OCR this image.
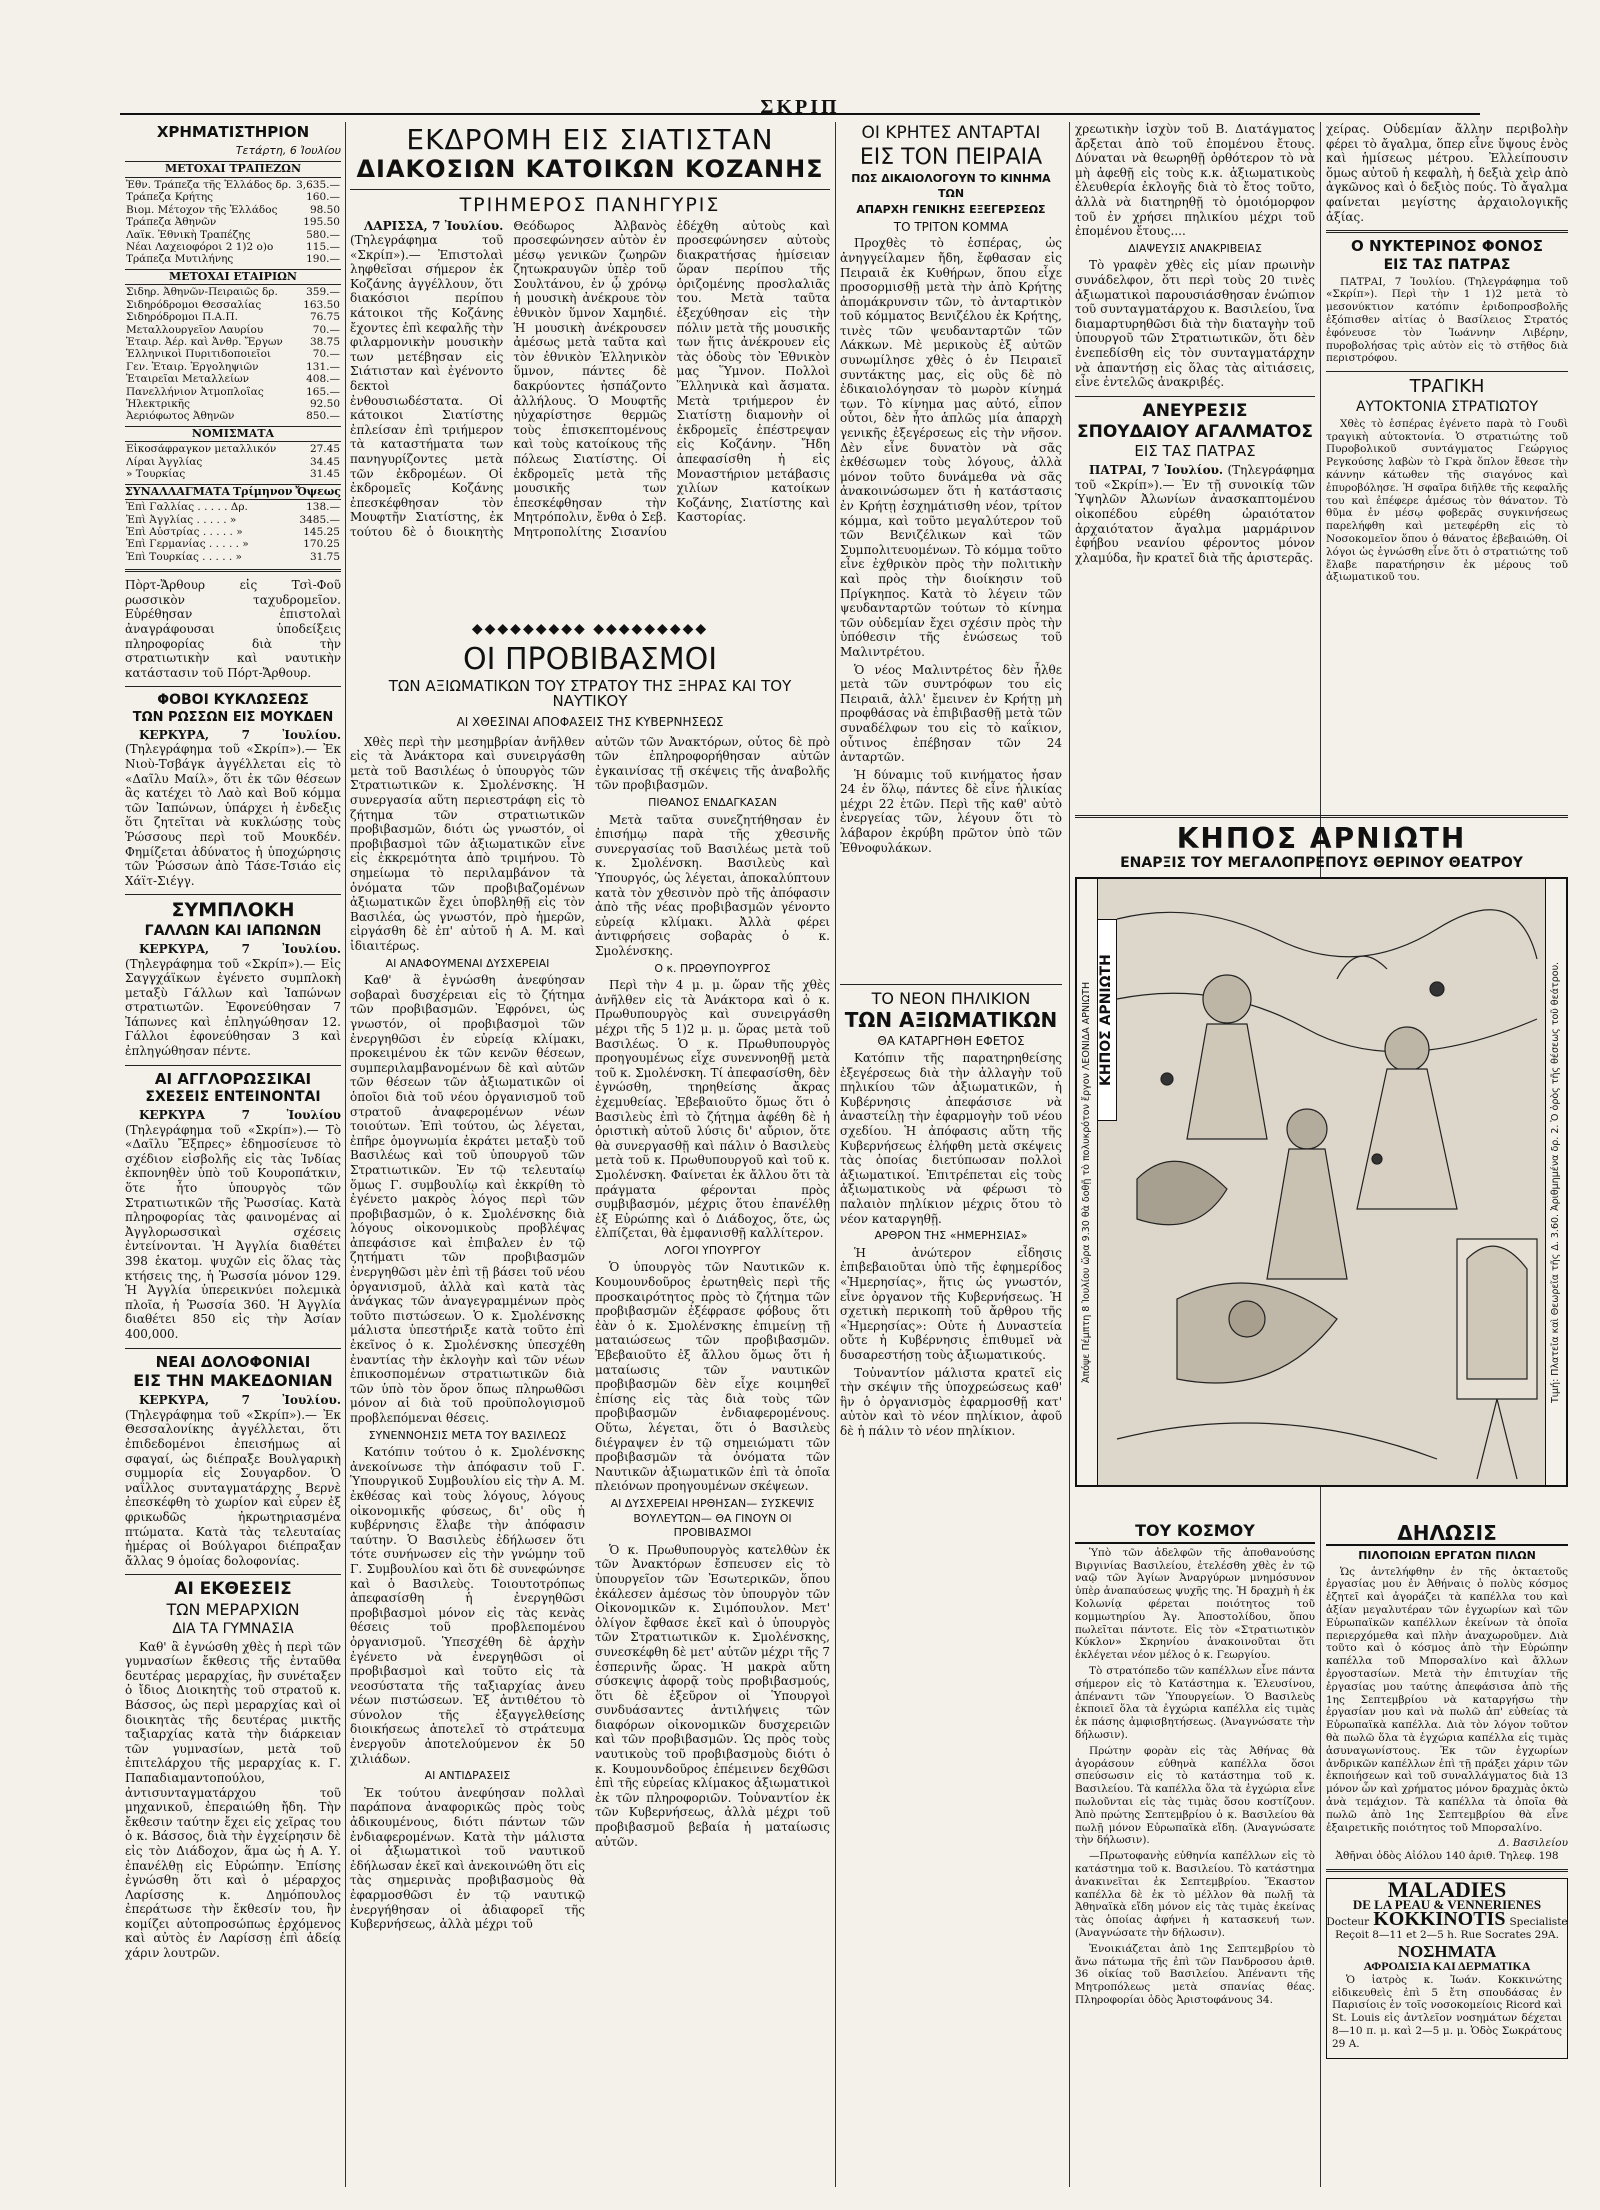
ΣΚΡΙΠ
ΧΡΗΜΑΤΙΣΤΗΡΙΟΝ
Τετάρτη, 6 Ἰουλίου
ΜΕΤΟΧΑΙ ΤΡΑΠΕΖΩΝ
Ἐθν. Τράπεζα τῆς Ἑλλάδος δρ.	3,635.—
Τράπεζα Κρήτης	160.—
Βιομ. Μέτοχον τῆς Ἑλλάδος	98.50
Τράπεζα Ἀθηνῶν	195.50
Λαϊκ. Ἐθνικὴ Τραπέζης	580.—
Νέαι Λαχειοφόροι 2 1)2 ο)ο	115.—
Τράπεζα Μυτιλήνης	190.—
ΜΕΤΟΧΑΙ ΕΤΑΙΡΙΩΝ
Σιδηρ. Ἀθηνῶν-Πειραιῶς δρ.	359.—
Σιδηρόδρομοι Θεσσαλίας	163.50
Σιδηρόδρομοι Π.Α.Π.	76.75
Μεταλλουργεῖον Λαυρίου	70.—
Ἑταιρ. Ἀέρ. καὶ Ἀνθρ. Ἔργων	38.75
Ἑλληνικοὶ Πυριτιδοποιεῖοι	70.—
Γεν. Ἑταιρ. Ἐργοληψιῶν	131.—
Ἑταιρεῖαι Μεταλλείων	408.—
Πανελλήνιον Ἀτμοπλοΐας	165.—
Ἠλεκτρικῆς	92.50
Ἀεριόφωτος Ἀθηνῶν	850.—
ΝΟΜΙΣΜΑΤΑ
Εἰκοσάφραγκον μεταλλικόν	27.45
Λίραι Ἀγγλίας	34.45
» Τουρκίας	31.45
ΣΥΝΑΛΛΑΓΜΑΤΑ Τρίμηνον Ὄψεως
Ἐπὶ Γαλλίας . . . . . Δρ.	138.—
Ἐπὶ Ἀγγλίας . . . . . »	3485.—
Ἐπὶ Αὐστρίας . . . . . »	145.25
Ἐπὶ Γερμανίας . . . . . »	170.25
Ἐπὶ Τουρκίας . . . . . »	31.75
Πὸρτ-Ἄρθουρ εἰς Τσὶ-Φοῦ ρωσσικὸν ταχυδρομεῖον. Εὑρέθησαν ἐπιστολαὶ ἀναγράφουσαι ὑποδείξεις πληροφορίας διὰ τὴν στρατιωτικὴν καὶ ναυτικὴν κατάστασιν τοῦ Πόρτ-Ἄρθουρ.
ΦΟΒΟΙ ΚΥΚΛΩΣΕΩΣ
ΤΩΝ ΡΩΣΣΩΝ ΕΙΣ ΜΟΥΚΔΕΝ
ΚΕΡΚΥΡΑ, 7 Ἰουλίου. (Τηλεγράφημα τοῦ «Σκρίπ»).— Ἐκ Νιοὺ-Τσβάγκ ἀγγέλλεται εἰς τὸ «Δαῖλυ Μαίλ», ὅτι ἐκ τῶν θέσεων ἃς κατέχει τὸ Λαὸ καὶ Βοῦ κόμμα τῶν Ἰαπώνων, ὑπάρχει ἡ ἐνδεξις ὅτι ζητεῖται νὰ κυκλώσῃς τοὺς Ῥώσσους περὶ τοῦ Μουκδέν. Φημίζεται ἀδύνατος ἡ ὑποχώρησις τῶν Ῥώσσων ἀπὸ Τάσε-Τσιάο εἰς Χάϊτ-Σιέγγ.
ΣΥΜΠΛΟΚΗ
ΓΑΛΛΩΝ ΚΑΙ ΙΑΠΩΝΩΝ
ΚΕΡΚΥΡΑ, 7 Ἰουλίου. (Τηλεγράφημα τοῦ «Σκρίπ»).— Εἰς Σαγγχάϊκων ἐγένετο συμπλοκὴ μεταξὺ Γάλλων καὶ Ἰαπώνων στρατιωτῶν. Ἐφονεύθησαν 7 Ἰάπωνες καὶ ἐπληγώθησαν 12. Γάλλοι ἐφονεύθησαν 3 καὶ ἐπληγώθησαν πέντε.
ΑΙ ΑΓΓΛΟΡΩΣΣΙΚΑΙ
ΣΧΕΣΕΙΣ ΕΝΤΕΙΝΟΝΤΑΙ
ΚΕΡΚΥΡΑ 7 Ἰουλίου (Τηλεγράφημα τοῦ «Σκρίπ»).— Τὸ «Δαῖλυ Ἔξπρες» ἐδημοσίευσε τὸ σχέδιον εἰσβολῆς εἰς τὰς Ἰνδίας ἐκπονηθὲν ὑπὸ τοῦ Κουροπάτκιν, ὅτε ἦτο ὑπουργὸς τῶν Στρατιωτικῶν τῆς Ῥωσσίας. Κατὰ πληροφορίας τὰς φαινομένας αἱ Ἀγγλορωσσικαὶ σχέσεις ἐντείνονται. Ἡ Ἀγγλία διαθέτει 398 ἑκατομ. ψυχῶν εἰς ὅλας τὰς κτήσεις της, ἡ Ῥωσσία μόνον 129. Ἡ Ἀγγλία ὑπερεικνύει πολεμικὰ πλοῖα, ἡ Ῥωσσία 360. Ἡ Ἀγγλία διαθέτει 850 εἰς τὴν Ἀσίαν 400,000.
ΝΕΑΙ ΔΟΛΟΦΟΝΙΑΙ
ΕΙΣ ΤΗΝ ΜΑΚΕΔΟΝΙΑΝ
ΚΕΡΚΥΡΑ, 7 Ἰουλίου. (Τηλεγράφημα τοῦ «Σκρίπ»).— Ἐκ Θεσσαλονίκης ἀγγέλλεται, ὅτι ἐπιδεδομένοι ἐπεισήμως αἱ σφαγαί, ὡς διέπραξε Βουλγαρικὴ συμμορία εἰς Σουγαρδον. Ὁ ναΐλλος συνταγματάρχης Βερνὲ ἐπεσκέφθη τὸ χωρίον καὶ εὗρεν ἐξ φρικωδῶς ἠκρωτηριασμένα πτώματα. Κατὰ τὰς τελευταίας ἡμέρας οἱ Βούλγαροι διέπραξαν ἄλλας 9 ὁμοίας δολοφονίας.
ΑΙ ΕΚΘΕΣΕΙΣ
ΤΩΝ ΜΕΡΑΡΧΙΩΝ
ΔΙΑ ΤΑ ΓΥΜΝΑΣΙΑ
Καθ' ἃ ἐγνώσθη χθὲς ἡ περὶ τῶν γυμνασίων ἔκθεσις τῆς ἐνταῦθα δευτέρας μεραρχίας, ἣν συνέταξεν ὁ ἴδιος Διοικητὴς τοῦ στρατοῦ κ. Βάσσος, ὡς περὶ μεραρχίας καὶ οἱ διοικητὰς τῆς δευτέρας μικτῆς ταξιαρχίας κατὰ τὴν διάρκειαν τῶν γυμνασίων, μετὰ τοῦ ἐπιτελάρχου τῆς μεραρχίας κ. Γ. Παπαδιαμαντοπούλου, ἀντισυνταγματάρχου τοῦ μηχανικοῦ, ἐπεραιώθη ἤδη. Τὴν ἔκθεσιν ταύτην ἔχει εἰς χεῖρας του ὁ κ. Βάσσος, διὰ τὴν ἐγχείρησιν δὲ εἰς τὸν Διάδοχον, ἅμα ὡς ἡ Α. Υ. ἐπανέλθῃ εἰς Εὐρώπην. Ἐπίσης ἐγνώσθη ὅτι καὶ ὁ μέραρχος Λαρίσσης κ. Δημόπουλος ἐπεράτωσε τὴν ἔκθεσίν του, ἣν κομίζει αὐτοπροσώπως ἐρχόμενος καὶ αὐτὸς ἐν Λαρίσσῃ ἐπὶ ἀδείᾳ χάριν λουτρῶν.
ΕΚΔΡΟΜΗ ΕΙΣ ΣΙΑΤΙΣΤΑΝ
ΔΙΑΚΟΣΙΩΝ ΚΑΤΟΙΚΩΝ ΚΟΖΑΝΗΣ
ΤΡΙΗΜΕΡΟΣ ΠΑΝΗΓΥΡΙΣ
ΛΑΡΙΣΣΑ, 7 Ἰουλίου. (Τηλεγράφημα τοῦ «Σκρίπ»).— Ἐπιστολαὶ ληφθεῖσαι σήμερον ἐκ Κοζάνης ἀγγέλλουν, ὅτι διακόσιοι περίπου κάτοικοι τῆς Κοζάνης ἔχοντες ἐπὶ κεφαλῆς τὴν φιλαρμονικὴν μουσικὴν των μετέβησαν εἰς Σιάτισταν καὶ ἐγένοντο δεκτοὶ ἐνθουσιωδέστατα. Οἱ κάτοικοι Σιατίστης ἐπλείσαν ἐπὶ τριήμερον τὰ καταστήματα των πανηγυρίζοντες μετὰ τῶν ἐκδρομέων. Οἱ ἐκδρομεῖς Κοζάνης ἐπεσκέφθησαν τὸν Μουφτῆν Σιατίστης, ἐκ τούτου δὲ ὁ διοικητὴς Θεόδωρος Ἀλβανὸς προσεφώνησεν αὐτὸν ἐν μέσῳ γενικῶν ζωηρῶν ζητωκραυγῶν ὑπὲρ τοῦ Σουλτάνου, ἐν ᾧ χρόνῳ ἡ μουσικὴ ἀνέκρουε τὸν ἐθνικὸν ὕμνον Χαμηδιέ. Ἡ μουσικὴ ἀνέκρουσεν ἀμέσως μετὰ ταῦτα καὶ τὸν ἐθνικὸν Ἑλληνικὸν ὕμνον, πάντες δὲ δακρύοντες ἠσπάζοντο ἀλλήλους. Ὁ Μουφτῆς ηὐχαρίστησε θερμῶς τοὺς ἐπισκεπτομένους καὶ τοὺς κατοίκους τῆς πόλεως Σιατίστης. Οἱ ἐκδρομεῖς μετὰ τῆς μουσικῆς των ἐπεσκέφθησαν τὴν Μητρόπολιν, ἔνθα ὁ Σεβ. Μητροπολίτης Σισανίου ἐδέχθη αὐτοὺς καὶ προσεφώνησεν αὐτοὺς διακρατήσας ἡμίσειαν ὥραν περίπου τῆς ὁριζομένης προσλαλιᾶς του. Μετὰ ταῦτα ἐξεχύθησαν εἰς τὴν πόλιν μετὰ τῆς μουσικῆς των ἥτις ἀνέκρουεν εἰς τὰς ὁδοὺς τὸν Ἐθνικὸν μας Ὕμνον. Πολλοὶ Ἕλληνικὰ καὶ ἄσματα. Μετὰ τριήμερον ἐν Σιατίστῃ διαμονὴν οἱ ἐκδρομεῖς ἐπέστρεψαν εἰς Κοζάνην. Ἤδη ἀπεφασίσθη ἡ εἰς Μοναστήριον μετάβασις χιλίων κατοίκων Κοζάνης, Σιατίστης καὶ Καστορίας.
◆◆◆◆◆◆◆◆◆ ◆◆◆◆◆◆◆◆◆
ΟΙ ΠΡΟΒΙΒΑΣΜΟΙ
ΤΩΝ ΑΞΙΩΜΑΤΙΚΩΝ ΤΟΥ ΣΤΡΑΤΟΥ ΤΗΣ ΞΗΡΑΣ ΚΑΙ ΤΟΥ ΝΑΥΤΙΚΟΥ
ΑΙ ΧΘΕΣΙΝΑΙ ΑΠΟΦΑΣΕΙΣ ΤΗΣ ΚΥΒΕΡΝΗΣΕΩΣ
Χθὲς περὶ τὴν μεσημβρίαν ἀνῆλθεν εἰς τὰ Ἀνάκτορα καὶ συνειργάσθη μετὰ τοῦ Βασιλέως ὁ ὑπουργὸς τῶν Στρατιωτικῶν κ. Σμολένσκης. Ἡ συνεργασία αὕτη περιεστράφη εἰς τὸ ζήτημα τῶν στρατιωτικῶν προβιβασμῶν, διότι ὡς γνωστόν, οἱ προβιβασμοὶ τῶν ἀξιωματικῶν εἶνε εἰς ἐκκρεμότητα ἀπὸ τριμήνου. Τὸ σημείωμα τὸ περιλαμβάνον τὰ ὀνόματα τῶν προβιβαζομένων ἀξιωματικῶν ἔχει ὑποβληθῇ εἰς τὸν Βασιλέα, ὡς γνωστόν, πρὸ ἡμερῶν, εἰργάσθη δὲ ἐπ' αὐτοῦ ἡ Α. Μ. καὶ ἰδιαιτέρως.
ΑΙ ΑΝΑΦΟΥΜΕΝΑΙ ΔΥΣΧΕΡΕΙΑΙ
Καθ' ἃ ἐγνώσθη ἀνεφύησαν σοβαραὶ δυσχέρειαι εἰς τὸ ζήτημα τῶν προβιβασμῶν. Ἐφρόνει, ὡς γνωστόν, οἱ προβιβασμοὶ τῶν ἐνεργηθῶσι ἐν εὐρείᾳ κλίμακι, προκειμένου ἐκ τῶν κενῶν θέσεων, συμπεριλαμβανομένων δὲ καὶ αὐτῶν τῶν θέσεων τῶν ἀξιωματικῶν οἱ ὁποῖοι διὰ τοῦ νέου ὀργανισμοῦ τοῦ στρατοῦ ἀναφερομένων νέων τοιούτων. Ἐπὶ τούτου, ὡς λέγεται, ἐπῆρε ὁμογνωμία ἐκράτει μεταξὺ τοῦ Βασιλέως καὶ τοῦ ὑπουργοῦ τῶν Στρατιωτικῶν. Ἐν τῷ τελευταίῳ ὅμως Γ. συμβουλίῳ καὶ ἐκκρίθη τὸ ἐγένετο μακρὸς λόγος περὶ τῶν προβιβασμῶν, ὁ κ. Σμολένσκης διὰ λόγους οἰκονομικοὺς προβλέψας ἀπεφάσισε καὶ ἐπιβαλεν ἐν τῷ ζητήματι τῶν προβιβασμῶν ἐνεργηθῶσι μὲν ἐπὶ τῇ βάσει τοῦ νέου ὀργανισμοῦ, ἀλλὰ καὶ κατὰ τὰς ἀνάγκας τῶν ἀναγεγραμμένων πρὸς τοῦτο πιστώσεων. Ὁ κ. Σμολένσκης μάλιστα ὑπεστήριξε κατὰ τοῦτο ἐπὶ ἐκεῖνος ὁ κ. Σμολένσκης ὑπεσχέθη ἐναντίας τὴν ἐκλογὴν καὶ τῶν νέων ἐπικοσπομένων στρατιωτικῶν διὰ τῶν ὑπὸ τὸν ὅρον ὅπως πληρωθῶσι μόνον αἱ διὰ τοῦ προϋπολογισμοῦ προβλεπόμεναι θέσεις.
ΣΥΝΕΝΝΟΗΣΙΣ ΜΕΤΑ ΤΟΥ ΒΑΣΙΛΕΩΣ
Κατόπιν τούτου ὁ κ. Σμολένσκης ἀνεκοίνωσε τὴν ἀπόφασιν τοῦ Γ. Ὑπουργικοῦ Συμβουλίου εἰς τὴν Α. Μ. ἐκθέσας καὶ τοὺς λόγους, λόγους οἰκονομικῆς φύσεως, δι' οὓς ἡ κυβέρνησις ἔλαβε τὴν ἀπόφασιν ταύτην. Ὁ Βασιλεὺς ἐδήλωσεν ὅτι τότε συνήνωσεν εἰς τὴν γνώμην τοῦ Γ. Συμβουλίου καὶ ὅτι δὲ συνεφώνησε καὶ ὁ Βασιλεὺς. Τοιουτοτρόπως ἀπεφασίσθη ἡ ἐνεργηθῶσι προβιβασμοὶ μόνον εἰς τὰς κενὰς θέσεις τοῦ προβλεπομένου ὀργανισμοῦ. Ὑπεσχέθη δὲ ἀρχὴν ἐγένετο νὰ ἐνεργηθῶσι οἱ προβιβασμοὶ καὶ τοῦτο εἰς τὰ νεοσύστατα τῆς ταξιαρχίας ἀνευ νέων πιστώσεων. Ἐξ ἀντιθέτου τὸ σύνολον τῆς ἐξαγγελθείσης διοικήσεως ἀποτελεῖ τὸ στράτευμα ἐνεργοῦν ἀποτελούμενον ἐκ 50 χιλιάδων.
ΑΙ ΑΝΤΙΔΡΑΣΕΙΣ
Ἐκ τούτου ἀνεφύησαν πολλαὶ παράπονα ἀναφορικῶς πρὸς τοὺς ἀδικουμένους, διότι πάντων τῶν ἐνδιαφερομένων. Κατὰ τὴν μάλιστα οἱ ἀξιωματικοὶ τοῦ ναυτικοῦ ἐδήλωσαν ἐκεῖ καὶ ἀνεκοινώθη ὅτι εἰς τὰς σημερινὰς προβιβασμοὺς θὰ ἐφαρμοσθῶσι ἐν τῷ ναυτικῷ ἐνεργήθησαν οἱ ἀδιαφορεῖ τῆς Κυβερνήσεως, ἀλλὰ μέχρι τοῦ
αὐτῶν τῶν Ἀνακτόρων, οὗτος δὲ πρὸ τῶν ἐπληροφορήθησαν αὐτῶν ἐγκαινίσας τῇ σκέψεις τῆς ἀναβολῆς τῶν προβιβασμῶν.
ΠΙΘΑΝΟΣ ΕΝΔΑΓΚΑΣΑΝ
Μετὰ ταῦτα συνεζητήθησαν ἐν ἐπισήμῳ παρὰ τῆς χθεσινῆς συνεργασίας τοῦ Βασιλέως μετὰ τοῦ κ. Σμολένσκη. Βασιλεὺς καὶ Ὑπουργός, ὡς λέγεται, ἀποκαλύπτουν κατὰ τὸν χθεσινὸν πρὸ τῆς ἀπόφασιν ἀπὸ τῆς νέας προβιβασμῶν γένοντο εὐρείᾳ κλίμακι. Ἀλλὰ φέρει ἀντιφρήσεις σοβαρὰς ὁ κ. Σμολένσκης.
Ο κ. ΠΡΩΘΥΠΟΥΡΓΟΣ
Περὶ τὴν 4 μ. μ. ὥραν τῆς χθὲς ἀνῆλθεν εἰς τὰ Ἀνάκτορα καὶ ὁ κ. Πρωθυπουργὸς καὶ συνειργάσθη μέχρι τῆς 5 1)2 μ. μ. ὥρας μετὰ τοῦ Βασιλέως. Ὁ κ. Πρωθυπουργὸς προηγουμένως εἶχε συνεννοηθῇ μετὰ τοῦ κ. Σμολένσκη. Τί ἀπεφασίσθη, δὲν ἐγνώσθη, τηρηθείσης ἄκρας ἐχεμυθείας. Ἐβεβαιοῦτο ὅμως ὅτι ὁ Βασιλεὺς ἐπὶ τὸ ζήτημα ἀφέθη δὲ ἡ ὁριστικὴ αὐτοῦ λύσις δι' αὔριον, ὅτε θὰ συνεργασθῇ καὶ πάλιν ὁ Βασιλεὺς μετὰ τοῦ κ. Πρωθυπουργοῦ καὶ τοῦ κ. Σμολένσκη. Φαίνεται ἐκ ἄλλου ὅτι τὰ πράγματα φέρονται πρὸς συμβιβασμόν, μέχρις ὅτου ἐπανέλθῃ ἐξ Εὐρώπης καὶ ὁ Διάδοχος, ὅτε, ὡς ἐλπίζεται, θὰ ἐμφανισθῇ καλλίτερον.
ΛΟΓΟΙ ΥΠΟΥΡΓΟΥ
Ὁ ὑπουργὸς τῶν Ναυτικῶν κ. Κουμουνδοῦρος ἐρωτηθεὶς περὶ τῆς προσκαιρότητος πρὸς τὸ ζήτημα τῶν προβιβασμῶν ἐξέφρασε φόβους ὅτι ἐὰν ὁ κ. Σμολένσκης ἐπιμείνῃ τῇ ματαιώσεως τῶν προβιβασμῶν. Ἐβεβαιοῦτο ἐξ ἄλλου ὅμως ὅτι ἡ ματαίωσις τῶν ναυτικῶν προβιβασμῶν δὲν εἶχε κοιμηθεῖ ἐπίσης εἰς τὰς διὰ τοὺς τῶν προβιβασμῶν ἐνδιαφερομένους. Οὕτω, λέγεται, ὅτι ὁ Βασιλεὺς διέγραψεν ἐν τῷ σημειώματι τῶν προβιβασμῶν τὰ ὀνόματα τῶν Ναυτικῶν ἀξιωματικῶν ἐπὶ τὰ ὁποῖα πλειόνων προηγουμένων σκέψεων.
ΑΙ ΔΥΣΧΕΡΕΙΑΙ ΗΡΘΗΣΑΝ— ΣΥΣΚΕΨΙΣ ΒΟΥΛΕΥΤΩΝ— ΘΑ ΓΙΝΟΥΝ ΟΙ ΠΡΟΒΙΒΑΣΜΟΙ
Ὁ κ. Πρωθυπουργὸς κατελθὼν ἐκ τῶν Ἀνακτόρων ἔσπευσεν εἰς τὸ ὑπουργεῖον τῶν Ἐσωτερικῶν, ὅπου ἐκάλεσεν ἀμέσως τὸν ὑπουργὸν τῶν Οἰκονομικῶν κ. Σιμόπουλον. Μετ' ὀλίγον ἔφθασε ἐκεῖ καὶ ὁ ὑπουργὸς τῶν Στρατιωτικῶν κ. Σμολένσκης, συνεσκέφθη δὲ μετ' αὐτῶν μέχρι τῆς 7 ἑσπερινῆς ὥρας. Ἡ μακρὰ αὕτη σύσκεψις ἀφορᾷ τοὺς προβιβασμούς, ὅτι δὲ ἐξεῦρον οἱ Ὑπουργοὶ συνδυάσαντες ἀντιλήψεις τῶν διαφόρων οἰκονομικῶν δυσχερειῶν καὶ τῶν προβιβασμῶν. Ὡς πρὸς τοὺς ναυτικοὺς τοῦ προβιβασμοὺς διότι ὁ κ. Κουμουνδοῦρος ἐπέμεινεν δεχθῶσι ἐπὶ τῆς εὐρείας κλίμακος ἀξιωματικοὶ ἐκ τῶν πληροφοριῶν. Τοὐναντίον ἐκ τῶν Κυβερνήσεως, ἀλλὰ μέχρι τοῦ προβιβασμοῦ βεβαία ἡ ματαίωσις αὐτῶν.
ΟΙ ΚΡΗΤΕΣ ΑΝΤΑΡΤΑΙ
ΕΙΣ ΤΟΝ ΠΕΙΡΑΙΑ
ΠΩΣ ΔΙΚΑΙΟΛΟΓΟΥΝ ΤΟ ΚΙΝΗΜΑ ΤΩΝ
ΑΠΑΡΧΗ ΓΕΝΙΚΗΣ ΕΞΕΓΕΡΣΕΩΣ
ΤΟ ΤΡΙΤΟΝ ΚΟΜΜΑ
Προχθὲς τὸ ἑσπέρας, ὡς ἀνηγγείλαμεν ἤδη, ἔφθασαν εἰς Πειραιᾶ ἐκ Κυθήρων, ὅπου εἶχε προσορμισθῇ μετὰ τὴν ἀπὸ Κρήτης ἀπομάκρυνσιν τῶν, τὸ ἀνταρτικὸν τοῦ κόμματος Βενιζέλου ἐκ Κρήτης, τινὲς τῶν ψευδανταρτῶν τῶν Λάκκων. Μὲ μερικοὺς ἐξ αὐτῶν συνωμίλησε χθὲς ὁ ἐν Πειραιεῖ συντάκτης μας, εἰς οὓς δὲ πὸ ἐδικαιολόγησαν τὸ μωρὸν κίνημά των. Τὸ κίνημα μας αὐτό, εἶπον οὗτοι, δὲν ἦτο ἁπλῶς μία ἀπαρχὴ γενικῆς ἐξεγέρσεως εἰς τὴν νῆσον. Δὲν εἶνε δυνατὸν νὰ σᾶς ἐκθέσωμεν τοὺς λόγους, ἀλλὰ μόνον τοῦτο δυνάμεθα νὰ σᾶς ἀνακοινώσωμεν ὅτι ἡ κατάστασις ἐν Κρήτῃ ἐσχημάτισθη νέον, τρίτον κόμμα, καὶ τοῦτο μεγαλύτερον τοῦ τῶν Βενιζέλικων καὶ τῶν Συμπολιτευομένων. Τὸ κόμμα τοῦτο εἶνε ἐχθρικὸν πρὸς τὴν πολιτικὴν καὶ πρὸς τὴν διοίκησιν τοῦ Πρίγκηπος. Κατὰ τὸ λέγειν τῶν ψευδανταρτῶν τούτων τὸ κίνημα τῶν οὐδεμίαν ἔχει σχέσιν πρὸς τὴν ὑπόθεσιν τῆς ἑνώσεως τοῦ Μαλιντρέτου.
Ὁ νέος Μαλιντρέτος δὲν ἦλθε μετὰ τῶν συντρόφων του εἰς Πειραιᾶ, ἀλλ' ἔμεινεν ἐν Κρήτῃ μὴ προφθάσας νὰ ἐπιβιβασθῇ μετὰ τῶν συναδέλφων του εἰς τὸ καΐκιον, οὗτινος ἐπέβησαν τῶν 24 ἀνταρτῶν.
Ἡ δύναμις τοῦ κινήματος ἦσαν 24 ἐν ὅλῳ, πάντες δὲ εἶνε ἡλικίας μέχρι 22 ἐτῶν. Περὶ τῆς καθ' αὐτὸ ἐνεργείας τῶν, λέγουν ὅτι τὸ λάβαρον ἐκρύβη πρῶτον ὑπὸ τῶν Ἐθνοφυλάκων.
ΤΟ ΝΕΟΝ ΠΗΛΙΚΙΟΝ
ΤΩΝ ΑΞΙΩΜΑΤΙΚΩΝ
ΘΑ ΚΑΤΑΡΓΗΘΗ ΕΦΕΤΟΣ
Κατόπιν τῆς παρατηρηθείσης ἐξεγέρσεως διὰ τὴν ἀλλαγὴν τοῦ πηλικίου τῶν ἀξιωματικῶν, ἡ Κυβέρνησις ἀπεφάσισε νὰ ἀναστείλῃ τὴν ἐφαρμογὴν τοῦ νέου σχεδίου. Ἡ ἀπόφασις αὕτη τῆς Κυβερνήσεως ἐλήφθη μετὰ σκέψεις τὰς ὁποίας διετύπωσαν πολλοὶ ἀξιωματικοί. Ἐπιτρέπεται εἰς τοὺς ἀξιωματικοὺς νὰ φέρωσι τὸ παλαιὸν πηλίκιον μέχρις ὅτου τὸ νέον καταργηθῇ.
ΑΡΘΡΟΝ ΤΗΣ «ΗΜΕΡΗΣΙΑΣ»
Ἡ ἀνώτερον εἶδησις ἐπιβεβαιοῦται ὑπὸ τῆς ἐφημερίδος «Ἡμερησίας», ἥτις ὡς γνωστόν, εἶνε ὀργανον τῆς Κυβερνήσεως. Ἡ σχετικὴ περικοπὴ τοῦ ἄρθρου τῆς «Ἡμερησίας»: Οὐτε ἡ Δυναστεία οὔτε ἡ Κυβέρνησις ἐπιθυμεῖ νὰ δυσαρεστήσῃ τοὺς ἀξιωματικούς.
Τοὐναντίον μάλιστα κρατεῖ εἰς τὴν σκέψιν τῆς ὑποχρεώσεως καθ' ἣν ὁ ὀργανισμὸς ἐφαρμοσθῇ κατ' αὐτὸν καὶ τὸ νέον πηλίκιον, ἀφοῦ δὲ ἡ πάλιν τὸ νέον πηλίκιον.
χρεωτικὴν ἰσχὺν τοῦ Β. Διατάγματος ἄρξεται ἀπὸ τοῦ ἐπομένου ἔτους. Δύναται νὰ θεωρηθῇ ὀρθότερον τὸ νὰ μὴ ἀφεθῇ εἰς τοὺς κ.κ. ἀξιωματικοὺς ἐλευθερία ἐκλογῆς διὰ τὸ ἔτος τοῦτο, ἀλλὰ νὰ διατηρηθῇ τὸ ὁμοιόμορφον τοῦ ἐν χρήσει πηλικίου μέχρι τοῦ ἐπομένου ἔτους....
ΔΙΑΨΕΥΣΙΣ ΑΝΑΚΡΙΒΕΙΑΣ
Τὸ γραφὲν χθὲς εἰς μίαν πρωινὴν συνάδελφον, ὅτι περὶ τοὺς 20 τινὲς ἀξιωματικοὶ παρουσιάσθησαν ἐνώπιον τοῦ συνταγματάρχου κ. Βασιλείου, ἵνα διαμαρτυρηθῶσι διὰ τὴν διαταγὴν τοῦ ὑπουργοῦ τῶν Στρατιωτικῶν, ὅτι δὲν ἐνεπεδίσθη εἰς τὸν συνταγματάρχην νὰ ἀπαντήσῃ εἰς ὅλας τὰς αἰτιάσεις, εἶνε ἐντελῶς ἀνακριβές.
ΑΝΕΥΡΕΣΙΣ
ΣΠΟΥΔΑΙΟΥ ΑΓΑΛΜΑΤΟΣ
ΕΙΣ ΤΑΣ ΠΑΤΡΑΣ
ΠΑΤΡΑΙ, 7 Ἰουλίου. (Τηλεγράφημα τοῦ «Σκρίπ»).— Ἐν τῇ συνοικίᾳ τῶν Ὑψηλῶν Ἀλωνίων ἀνασκαπτομένου οἰκοπέδου εὑρέθη ὡραιότατον ἀρχαιότατον ἄγαλμα μαρμάρινον ἐφήβου νεανίου φέροντος μόνον χλαμύδα, ἢν κρατεῖ διὰ τῆς ἀριστερᾶς.
ΚΗΠΟΣ ΑΡΝΙΩΤΗ
ΕΝΑΡΞΙΣ ΤΟΥ ΜΕΓΑΛΟΠΡΕΠΟΥΣ ΘΕΡΙΝΟΥ ΘΕΑΤΡΟΥ
Ἀπόψε Πέμπτη 8 Ἰουλίου ὥρα 9.30 θὰ δοθῇ τὸ πολυκρότον ἔργον ΛΕΟΝΙΔΑ ΑΡΝΙΩΤΗ ΚΗΠΟΣ ΑΡΝΙΩΤΗ	Τιμή: Πλατεῖα καὶ Θεωρεῖα τῆς Δ. 3.60. Ἀριθμημένα δρ. 2. Ὁ ὁρὸς τῆς θέσεως τοῦ θεάτρου.
ΤΟΥ ΚΟΣΜΟΥ
Ὑπὸ τῶν ἀδελφῶν τῆς ἀποθανούσης Βιργινίας Βασιλείου, ἐτελέσθη χθὲς ἐν τῷ ναῷ τῶν Ἀγίων Ἀναργύρων μνημόσυνον ὑπὲρ ἀναπαύσεως ψυχῆς της. Ἡ δραχμὴ ἡ ἐκ Κολωνίᾳ φέρεται ποιότητος τοῦ κομμωτηρίου Ἀγ. Ἀποστολίδου, ὅπου πωλεῖται πάντοτε. Εἰς τὸν «Στρατιωτικὸν Κύκλον» Σκρηνίου ἀνακοινοῦται ὅτι ἐκλέγεται νέον μέλος ὁ κ. Γεωργίου.
Τὸ στρατόπεδο τῶν καπέλλων εἶνε πάντα σήμερον εἰς τὸ Κατάστημα κ. Ἐλευσίνου, ἀπέναντι τῶν Ὑπουργείων. Ὁ Βασιλεὺς ἐκποιεῖ ὅλα τὰ ἐγχώρια καπέλλα εἰς τιμὰς ἐκ πάσης ἀμφισβητήσεως. (Ἀναγνώσατε τὴν δήλωσιν).
Πρώτην φορὰν εἰς τὰς Ἀθήνας θὰ ἀγοράσουν εὐθηνὰ καπέλλα ὅσοι σπεύσωσιν εἰς τὸ κατάστημα τοῦ κ. Βασιλείου. Τὰ καπέλλα ὅλα τὰ ἐγχώρια εἶνε πωλοῦνται εἰς τὰς τιμὰς ὅσου κοστίζουν. Ἀπὸ πρώτης Σεπτεμβρίου ὁ κ. Βασιλείου θὰ πωλῇ μόνον Εὐρωπαϊκὰ εἴδη. (Ἀναγνώσατε τὴν δήλωσιν).
—Πρωτοφανὴς εὐθηνία καπέλλων εἰς τὸ κατάστημα τοῦ κ. Βασιλείου. Τὸ κατάστημα ἀνακινεῖται ἐκ Σεπτεμβρίου. Ἕκαστον καπέλλα δὲ ἐκ τὸ μέλλον θὰ πωλῇ τὰ Ἀθηναϊκὰ εἴδη μόνον εἰς τὰς τιμὰς ἐκείνας τὰς ὁποίας ἀφήνει ἡ κατασκευή των. (Ἀναγνώσατε τὴν δήλωσιν).
Ἐνοικιάζεται ἀπὸ 1ης Σεπτεμβρίου τὸ ἄνω πάτωμα τῆς ἐπὶ τῶν Πανδροσου ἀριθ. 36 οἰκίας τοῦ Βασιλείου. Ἀπέναντι τῆς Μητροπόλεως μετὰ σπανίας θέας. Πληροφορίαι ὁδὸς Ἀριστοφάνους 34.
χείρας. Οὐδεμίαν ἄλλην περιβολὴν φέρει τὸ ἄγαλμα, ὅπερ εἶνε ὕψους ἑνὸς καὶ ἡμίσεως μέτρου. Ἐλλείπουσιν ὅμως αὐτοῦ ἡ κεφαλὴ, ἡ δεξιὰ χεὶρ ἀπὸ ἀγκῶνος καὶ ὁ δεξιὸς πούς. Τὸ ἄγαλμα φαίνεται μεγίστης ἀρχαιολογικῆς ἀξίας.
Ο ΝΥΚΤΕΡΙΝΟΣ ΦΟΝΟΣ
ΕΙΣ ΤΑΣ ΠΑΤΡΑΣ
ΠΑΤΡΑΙ, 7 Ἰουλίου. (Τηλεγράφημα τοῦ «Σκρίπ»). Περὶ τὴν 1 1)2 μετὰ τὸ μεσονύκτιον κατόπιν ἐριδοπροσβολῆς ἐξόπισθεν αἰτίας ὁ Βασίλειος Στρατός ἐφόνευσε τὸν Ἰωάννην Λιβέρην, πυροβολήσας τρὶς αὐτὸν εἰς τὸ στῆθος διὰ περιστρόφου.
ΤΡΑΓΙΚΗ
ΑΥΤΟΚΤΟΝΙΑ ΣΤΡΑΤΙΩΤΟΥ
Χθὲς τὸ ἑσπέρας ἐγένετο παρὰ τὸ Γουδὶ τραγικὴ αὐτοκτονία. Ὁ στρατιώτης τοῦ Πυροβολικοῦ συντάγματος Γεώργιος Ρεγκούσης λαβὼν τὸ Γκρὰ ὅπλον ἔθεσε τὴν κάννην κάτωθεν τῆς σιαγόνος καὶ ἐπυροβόλησε. Ἡ σφαῖρα διῆλθε τῆς κεφαλῆς του καὶ ἐπέφερε ἀμέσως τὸν θάνατον. Τὸ θῦμα ἐν μέσῳ φοβερᾶς συγκινήσεως παρελήφθη καὶ μετεφέρθη εἰς τὸ Νοσοκομεῖον ὅπου ὁ θάνατος ἐβεβαιώθη. Οἱ λόγοι ὡς ἐγνώσθη εἶνε ὅτι ὁ στρατιώτης τοῦ ἔλαβε παρατήρησιν ἐκ μέρους τοῦ ἀξιωματικοῦ του.
ΔΗΛΩΣΙΣ
ΠΙΛΟΠΟΙΩΝ ΕΡΓΑΤΩΝ ΠΙΛΩΝ
Ὡς ἀντελήφθην ἐν τῆς ὀκταετοῦς ἐργασίας μου ἐν Ἀθήναις ὁ πολὺς κόσμος ἐζητεῖ καὶ ἀγοράζει τὰ καπέλλα του καὶ ἀξίαν μεγαλυτέραν τῶν ἐγχωρίων καὶ τῶν Εὐρωπαϊκῶν καπέλλων ἐκείνων τὰ ὁποῖα περιερχόμεθα καὶ πλὴν ἀναχωροῦμεν. Διὰ τοῦτο καὶ ὁ κόσμος ἀπὸ τὴν Εὐρώπην καπέλλα τοῦ Μπορσαλίνο καὶ ἄλλων ἐργοστασίων. Μετὰ τὴν ἐπιτυχίαν τῆς ἐργασίας μου ταύτης ἀπεφάσισα ἀπὸ τῆς 1ης Σεπτεμβρίου νὰ καταργήσω τὴν ἐργασίαν μου καὶ νὰ πωλῶ ἀπ' εὐθείας τὰ Εὐρωπαϊκὰ καπέλλα. Διὰ τὸν λόγον τοῦτον θὰ πωλῶ ὅλα τὰ ἐγχώρια καπέλλα εἰς τιμὰς ἀσυναγωνίστους. Ἐκ τῶν ἐγχωρίων ἀνδρικῶν καπέλλων ἐπὶ τῇ πράξει χάριν τῶν ἐκποιήσεων καὶ τοῦ συναλλάγματος διὰ 13 μόνον ὧν καὶ χρήματος μόνον δραχμὰς ὀκτὼ ἀνὰ τεμάχιον. Τὰ καπέλλα τὰ ὁποῖα θὰ πωλῶ ἀπὸ 1ης Σεπτεμβρίου θὰ εἶνε ἐξαιρετικῆς ποιότητος τοῦ Μπορσαλίνο.
Δ. Βασιλείου
Ἀθῆναι ὁδὸς Αἰόλου 140 ἀριθ. Τηλεφ. 198
MALADIES
DE LA PEAU & VENNERIENES
Docteur KOKKINOTIS Specialiste
Reçoit 8—11 et 2—5 h. Rue Socrates 29Α.
ΝΟΣΗΜΑΤΑ
ΑΦΡΟΔΙΣΙΑ ΚΑΙ ΔΕΡΜΑΤΙΚΑ
Ὁ ἰατρὸς κ. Ἰωάν. Κοκκινώτης εἰδικευθεὶς ἐπὶ 5 ἔτη σπουδάσας ἐν Παρισίοις ἐν τοῖς νοσοκομείοις Ricord καὶ St. Louis εἰς ἀντλεῖον νοσημάτων δέχεται 8—10 π. μ. καὶ 2—5 μ. μ. Ὁδὸς Σωκράτους 29 Α.
